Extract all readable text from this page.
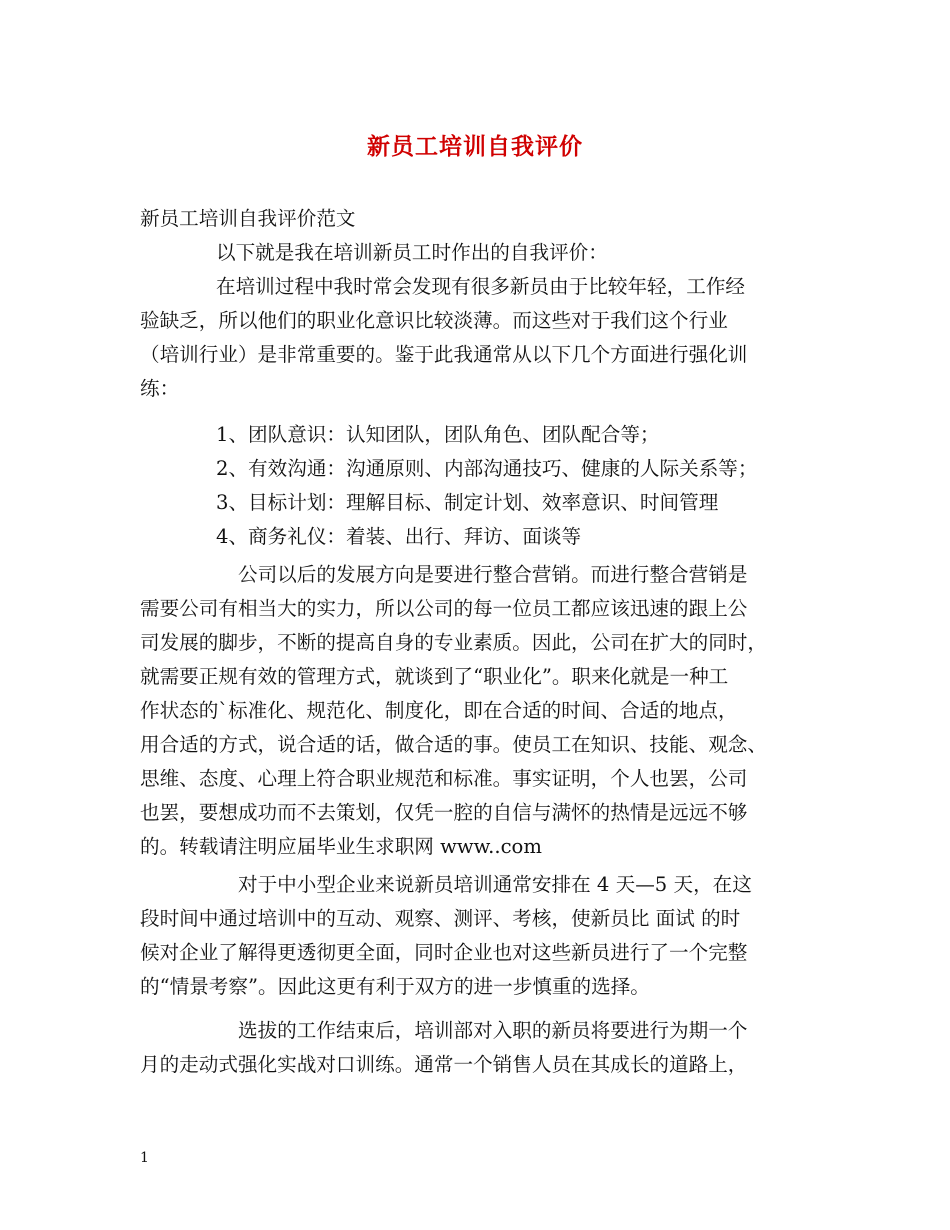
新员工培训自我评价
新员工培训自我评价范文
以下就是我在培训新员工时作出的自我评价：
在培训过程中我时常会发现有很多新员由于比较年轻，工作经
验缺乏，所以他们的职业化意识比较淡薄。而这些对于我们这个行业
（培训行业）是非常重要的。鉴于此我通常从以下几个方面进行强化训
练：
1、团队意识：认知团队，团队角色、团队配合等；
2、有效沟通：沟通原则、内部沟通技巧、健康的人际关系等；
3、目标计划：理解目标、制定计划、效率意识、时间管理
4、商务礼仪：着装、出行、拜访、面谈等
公司以后的发展方向是要进行整合营销。而进行整合营销是
需要公司有相当大的实力，所以公司的每一位员工都应该迅速的跟上公
司发展的脚步，不断的提高自身的专业素质。因此，公司在扩大的同时，
就需要正规有效的管理方式，就谈到了“职业化”。职来化就是一种工
作状态的`标准化、规范化、制度化，即在合适的时间、合适的地点，
用合适的方式，说合适的话，做合适的事。使员工在知识、技能、观念、
思维、态度、心理上符合职业规范和标准。事实证明，个人也罢，公司
也罢，要想成功而不去策划，仅凭一腔的自信与满怀的热情是远远不够
的。转载请注明应届毕业生求职网 www..com
对于中小型企业来说新员培训通常安排在 4 天—5 天，在这
段时间中通过培训中的互动、观察、测评、考核，使新员比 面试 的时
候对企业了解得更透彻更全面，同时企业也对这些新员进行了一个完整
的“情景考察”。因此这更有利于双方的进一步慎重的选择。
选拔的工作结束后，培训部对入职的新员将要进行为期一个
月的走动式强化实战对口训练。通常一个销售人员在其成长的道路上，
1
